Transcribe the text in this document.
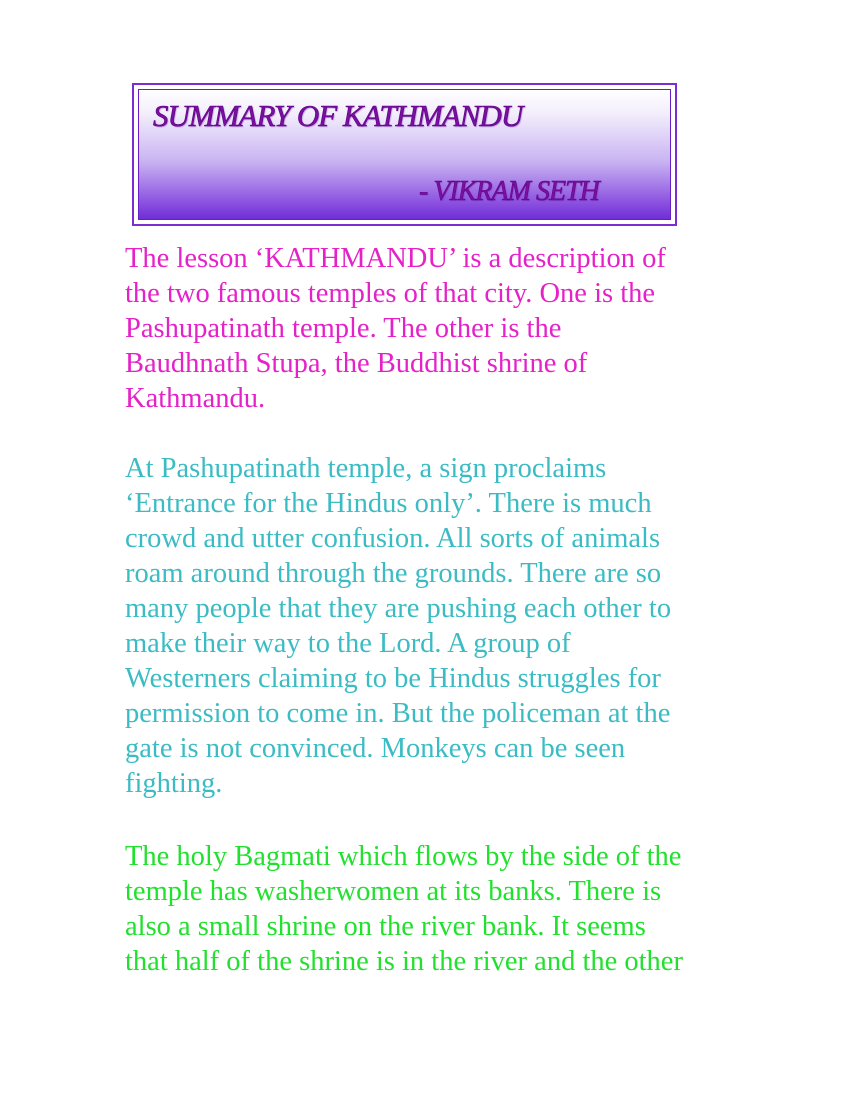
SUMMARY OF KATHMANDU

- VIKRAM SETH

The lesson ‘KATHMANDU’ is a description of
the two famous temples of that city. One is the
Pashupatinath temple. The other is the
Baudhnath Stupa, the Buddhist shrine of
Kathmandu.
At Pashupatinath temple, a sign proclaims
‘Entrance for the Hindus only’. There is much
crowd and utter confusion. All sorts of animals
roam around through the grounds. There are so
many people that they are pushing each other to
make their way to the Lord. A group of
Westerners claiming to be Hindus struggles for
permission to come in. But the policeman at the
gate is not convinced. Monkeys can be seen
fighting.
The holy Bagmati which flows by the side of the
temple has washerwomen at its banks. There is
also a small shrine on the river bank. It seems
that half of the shrine is in the river and the other
